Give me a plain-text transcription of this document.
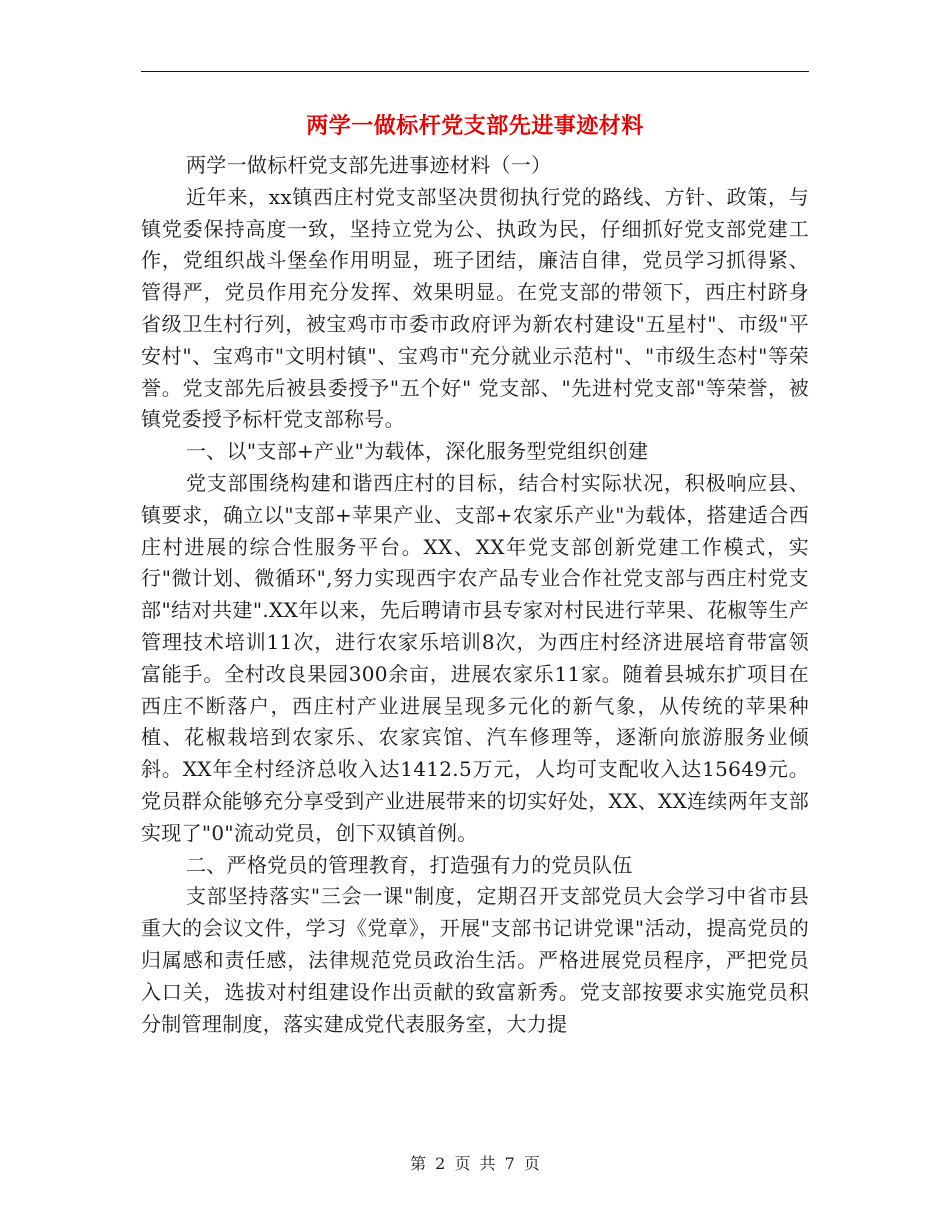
两学一做标杆党支部先进事迹材料

两学一做标杆党支部先进事迹材料（一）

近年来，xx镇西庄村党支部坚决贯彻执行党的路线、方针、政策，与镇党委保持高度一致，坚持立党为公、执政为民，仔细抓好党支部党建工作，党组织战斗堡垒作用明显，班子团结，廉洁自律，党员学习抓得紧、管得严，党员作用充分发挥、效果明显。在党支部的带领下，西庄村跻身省级卫生村行列，被宝鸡市市委市政府评为新农村建设"五星村"、市级"平安村"、宝鸡市"文明村镇"、宝鸡市"充分就业示范村"、"市级生态村"等荣誉。党支部先后被县委授予"五个好" 党支部、"先进村党支部"等荣誉，被镇党委授予标杆党支部称号。

一、以"支部+产业"为载体，深化服务型党组织创建

党支部围绕构建和谐西庄村的目标，结合村实际状况，积极响应县、镇要求，确立以"支部+苹果产业、支部+农家乐产业"为载体，搭建适合西庄村进展的综合性服务平台。XX、XX年党支部创新党建工作模式，实行"微计划、微循环",努力实现西宇农产品专业合作社党支部与西庄村党支部"结对共建".XX年以来，先后聘请市县专家对村民进行苹果、花椒等生产管理技术培训11次，进行农家乐培训8次，为西庄村经济进展培育带富领富能手。全村改良果园300余亩，进展农家乐11家。随着县城东扩项目在西庄不断落户，西庄村产业进展呈现多元化的新气象，从传统的苹果种植、花椒栽培到农家乐、农家宾馆、汽车修理等，逐渐向旅游服务业倾斜。XX年全村经济总收入达1412.5万元，人均可支配收入达15649元。党员群众能够充分享受到产业进展带来的切实好处，XX、XX连续两年支部实现了"0"流动党员，创下双镇首例。

二、严格党员的管理教育，打造强有力的党员队伍

支部坚持落实"三会一课"制度，定期召开支部党员大会学习中省市县重大的会议文件，学习《党章》，开展"支部书记讲党课"活动，提高党员的归属感和责任感，法律规范党员政治生活。严格进展党员程序，严把党员入口关，选拔对村组建设作出贡献的致富新秀。党支部按要求实施党员积分制管理制度，落实建成党代表服务室，大力提

第 2 页 共 7 页
